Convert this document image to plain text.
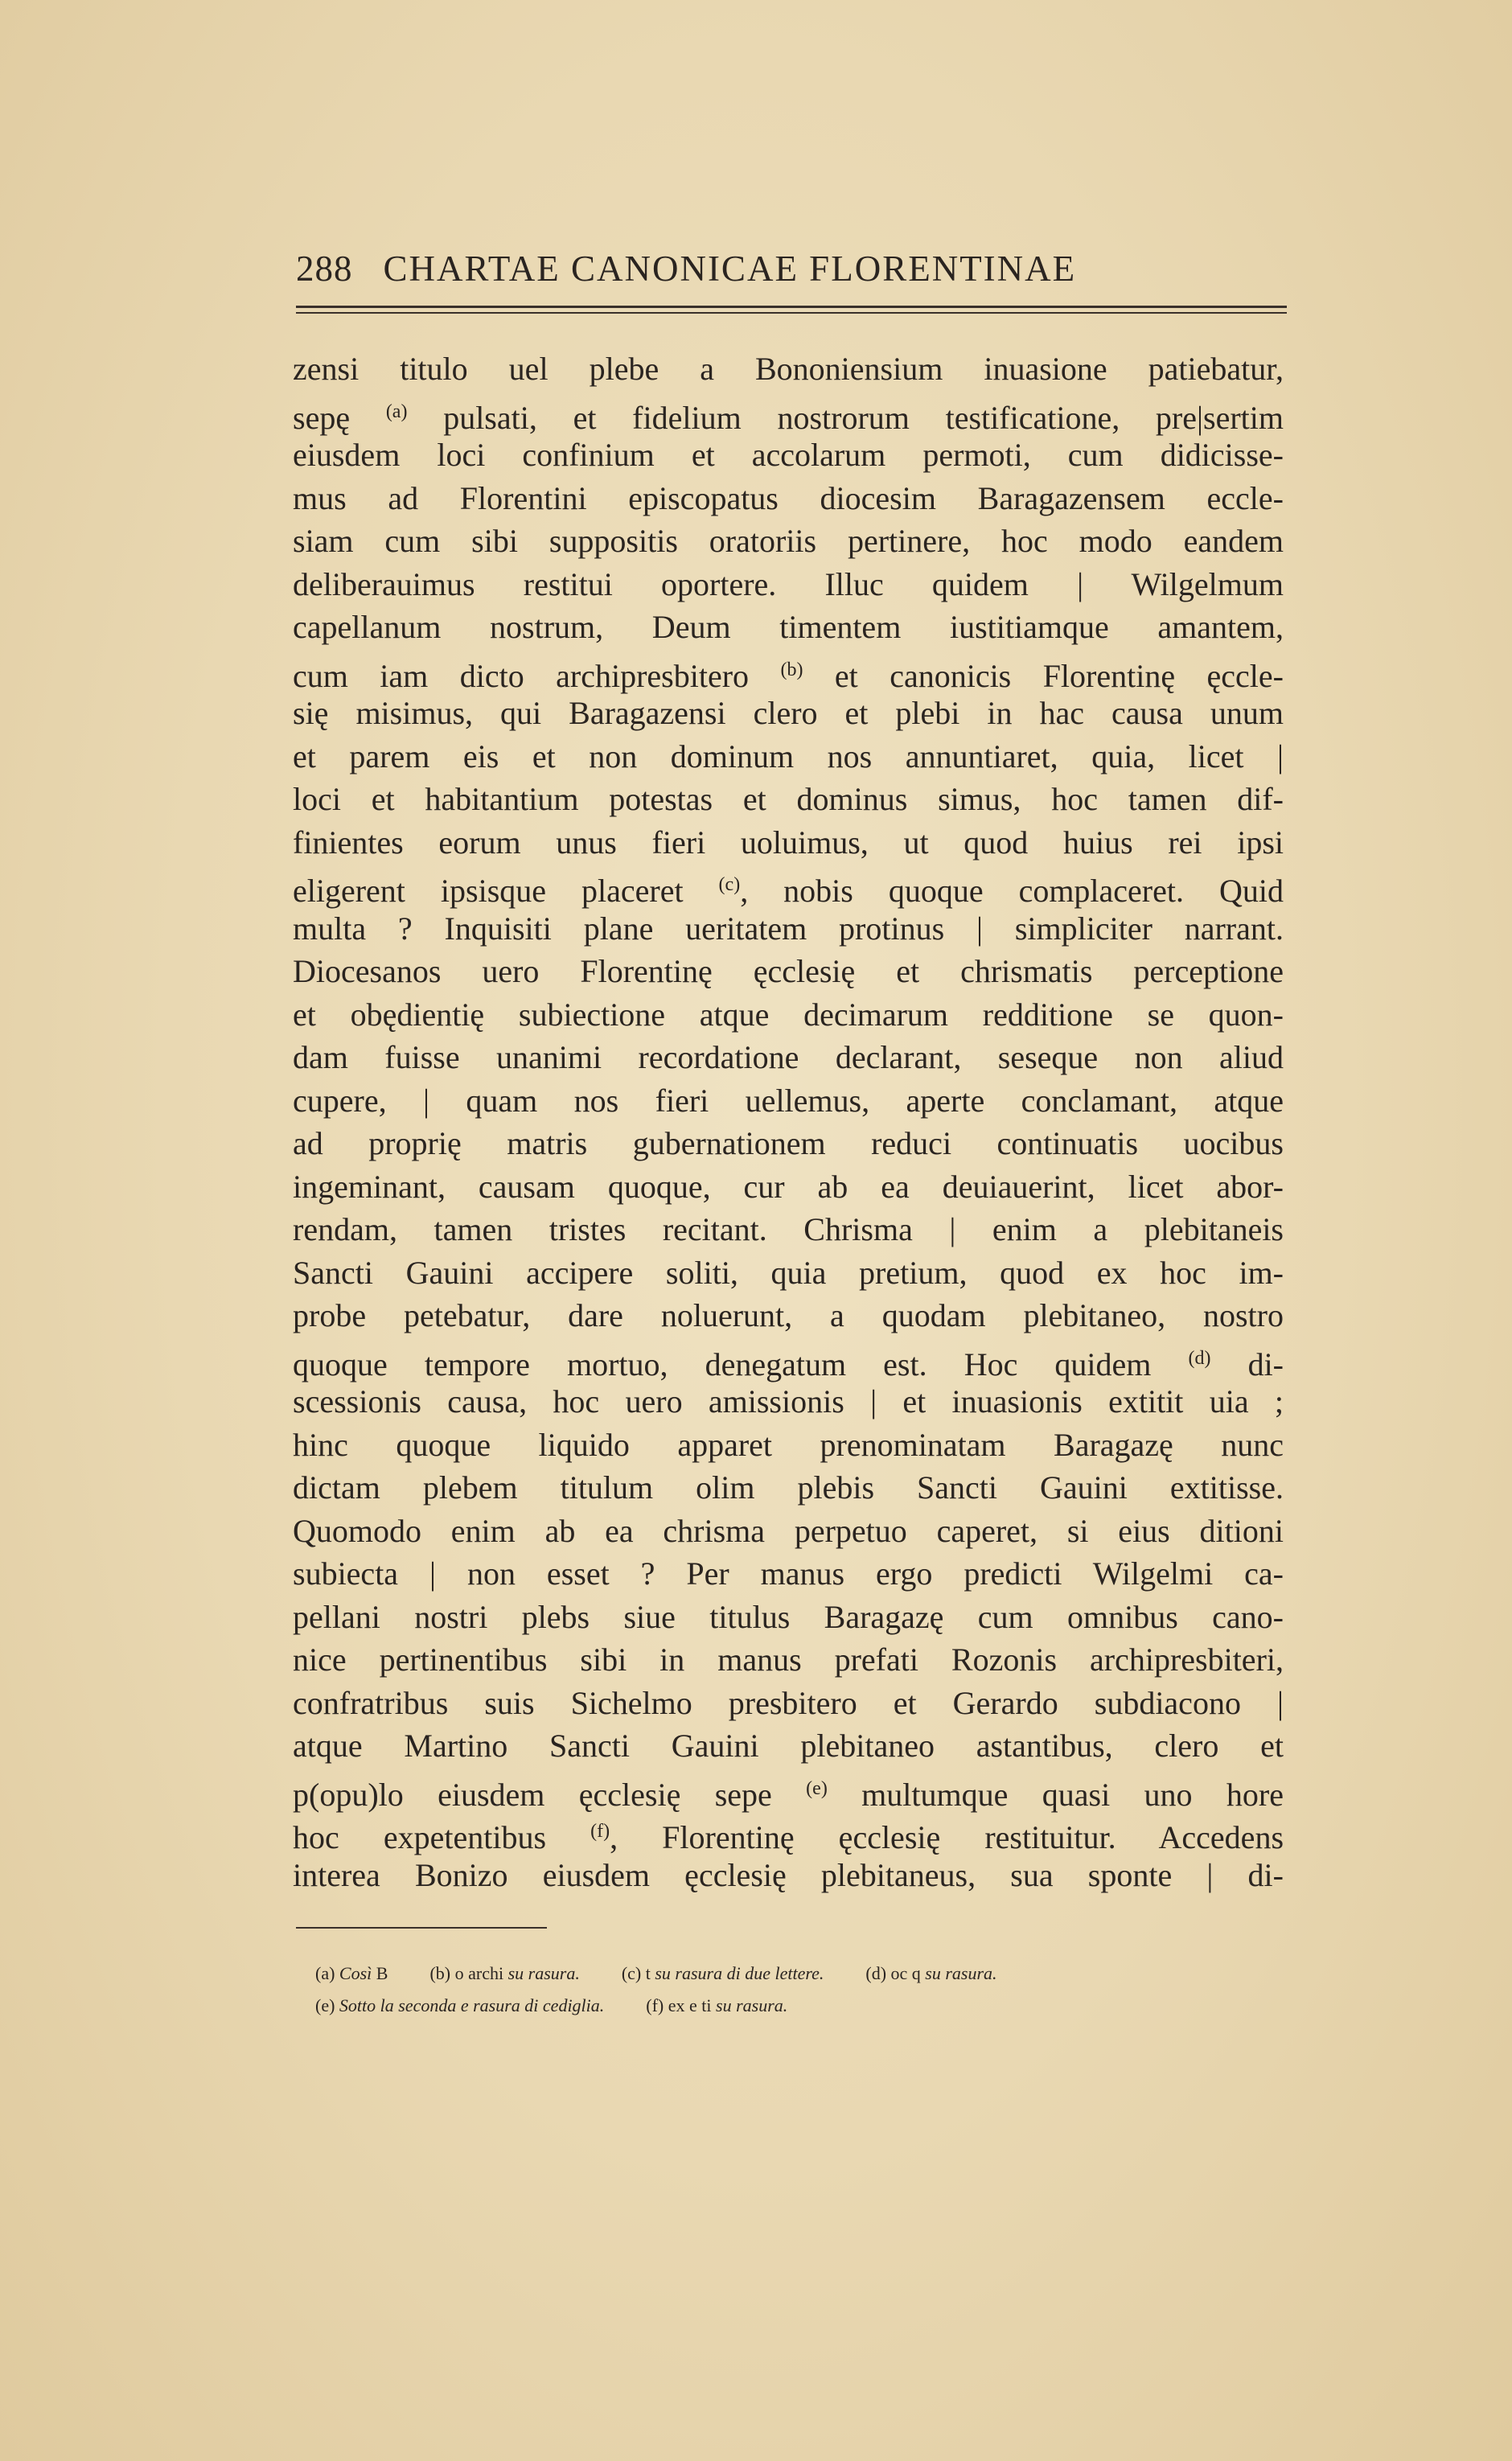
288 CHARTAE CANONICAE FLORENTINAE
zensi titulo uel plebe a Bononiensium inuasione patiebatur,
sepę $^{(a)}$ pulsati, et fidelium nostrorum testificatione, pre|sertim
eiusdem loci confinium et accolarum permoti, cum didicisse-
mus ad Florentini episcopatus diocesim Baragazensem eccle-
siam cum sibi suppositis oratoriis pertinere, hoc modo eandem
deliberauimus restitui oportere. Illuc quidem | Wilgelmum
capellanum nostrum, Deum timentem iustitiamque amantem,
cum iam dicto archipresbitero $^{(b)}$ et canonicis Florentinę ęccle-
się misimus, qui Baragazensi clero et plebi in hac causa unum
et parem eis et non dominum nos annuntiaret, quia, licet |
loci et habitantium potestas et dominus simus, hoc tamen dif-
finientes eorum unus fieri uoluimus, ut quod huius rei ipsi
eligerent ipsisque placeret $^{(c)}$, nobis quoque complaceret. Quid
multa ? Inquisiti plane ueritatem protinus | simpliciter narrant.
Diocesanos uero Florentinę ęcclesię et chrismatis perceptione
et obędientię subiectione atque decimarum redditione se quon-
dam fuisse unanimi recordatione declarant, seseque non aliud
cupere, | quam nos fieri uellemus, aperte conclamant, atque
ad proprię matris gubernationem reduci continuatis uocibus
ingeminant, causam quoque, cur ab ea deuiauerint, licet abor-
rendam, tamen tristes recitant. Chrisma | enim a plebitaneis
Sancti Gauini accipere soliti, quia pretium, quod ex hoc im-
probe petebatur, dare noluerunt, a quodam plebitaneo, nostro
quoque tempore mortuo, denegatum est. Hoc quidem $^{(d)}$ di-
scessionis causa, hoc uero amissionis | et inuasionis extitit uia ;
hinc quoque liquido apparet prenominatam Baragazę nunc
dictam plebem titulum olim plebis Sancti Gauini extitisse.
Quomodo enim ab ea chrisma perpetuo caperet, si eius ditioni
subiecta | non esset ? Per manus ergo predicti Wilgelmi ca-
pellani nostri plebs siue titulus Baragazę cum omnibus cano-
nice pertinentibus sibi in manus prefati Rozonis archipresbiteri,
confratribus suis Sichelmo presbitero et Gerardo subdiacono |
atque Martino Sancti Gauini plebitaneo astantibus, clero et
p(opu)lo eiusdem ęcclesię sepe $^{(e)}$ multumque quasi uno hore
hoc expetentibus $^{(f)}$, Florentinę ęcclesię restituitur. Accedens
interea Bonizo eiusdem ęcclesię plebitaneus, sua sponte | di-
(a) Così B (b) o archi su rasura. (c) t su rasura di due lettere. (d) oc q su rasura.
(e) Sotto la seconda e rasura di cediglia. (f) ex e ti su rasura.
